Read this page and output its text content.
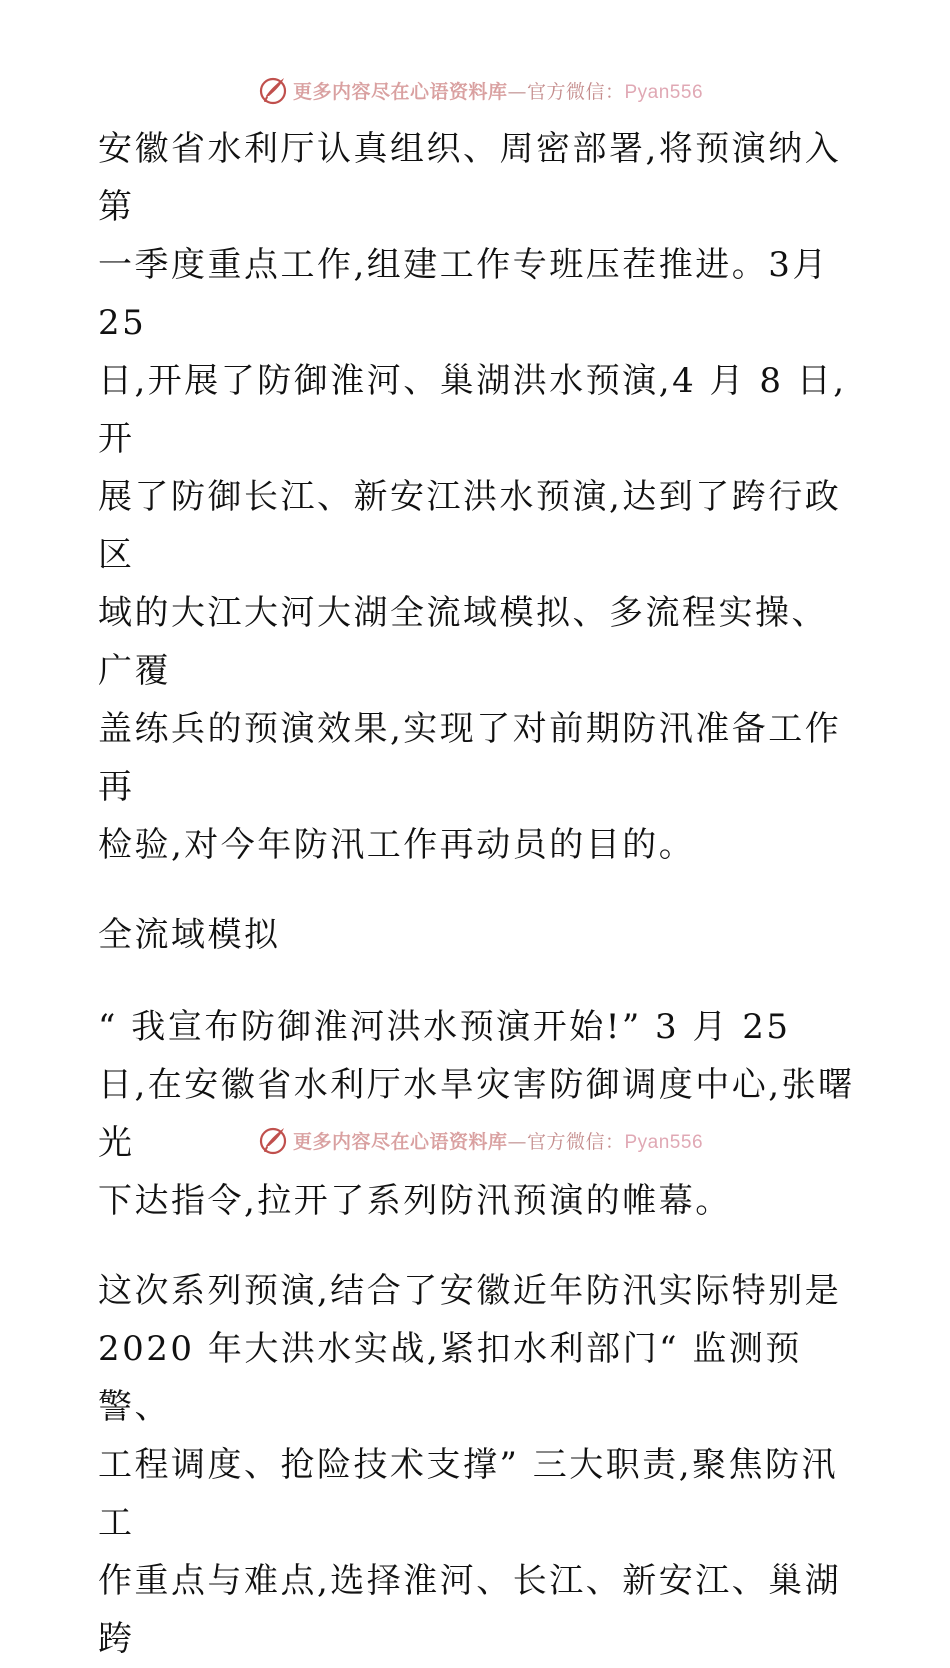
更多内容尽在心语资料库—官方微信：Pyan556

安徽省水利厅认真组织、周密部署,将预演纳入第
一季度重点工作,组建工作专班压茬推进。3月 25
日,开展了防御淮河、巢湖洪水预演,4 月 8 日,开
展了防御长江、新安江洪水预演,达到了跨行政区
域的大江大河大湖全流域模拟、多流程实操、广覆
盖练兵的预演效果,实现了对前期防汛准备工作再
检验,对今年防汛工作再动员的目的。

全流域模拟

“ 我宣布防御淮河洪水预演开始!” 3 月 25
日,在安徽省水利厅水旱灾害防御调度中心,张曙光
下达指令,拉开了系列防汛预演的帷幕。

这次系列预演,结合了安徽近年防汛实际特别是
2020 年大洪水实战,紧扣水利部门“ 监测预警、
工程调度、抢险技术支撑” 三大职责,聚焦防汛工
作重点与难点,选择淮河、长江、新安江、巢湖跨

更多内容尽在心语资料库—官方微信：Pyan556
